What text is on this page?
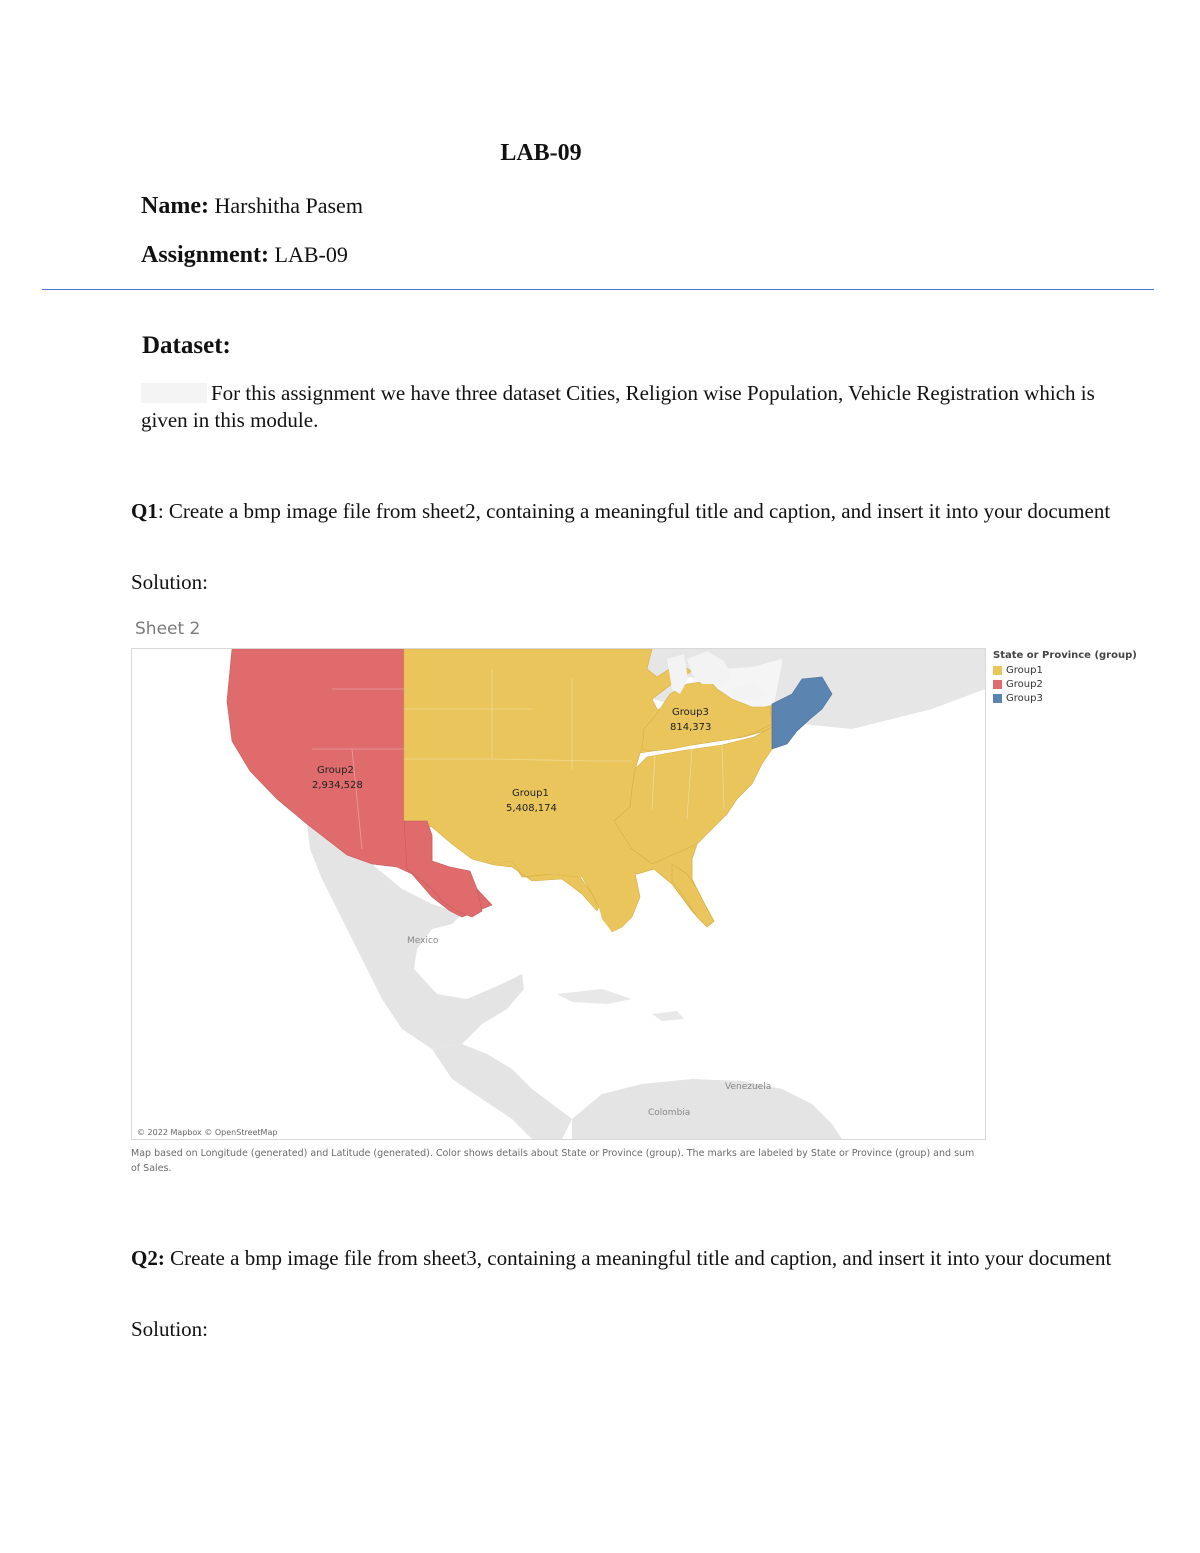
LAB-09
Name: Harshitha Pasem
Assignment: LAB-09
Dataset:
For this assignment we have three dataset Cities, Religion wise Population, Vehicle Registration which is given in this module.
Q1: Create a bmp image file from sheet2, containing a meaningful title and caption, and insert it into your document
Solution:
Sheet 2
Group2
2,934,528
Group1
5,408,174
Group3
814,373
Mexico
Venezuela
Colombia
© 2022 Mapbox © OpenStreetMap
State or Province (group)
Group1
Group2
Group3
Map based on Longitude (generated) and Latitude (generated). Color shows details about State or Province (group). The marks are labeled by State or Province (group) and sum of Sales.
Q2: Create a bmp image file from sheet3, containing a meaningful title and caption, and insert it into your document
Solution:
